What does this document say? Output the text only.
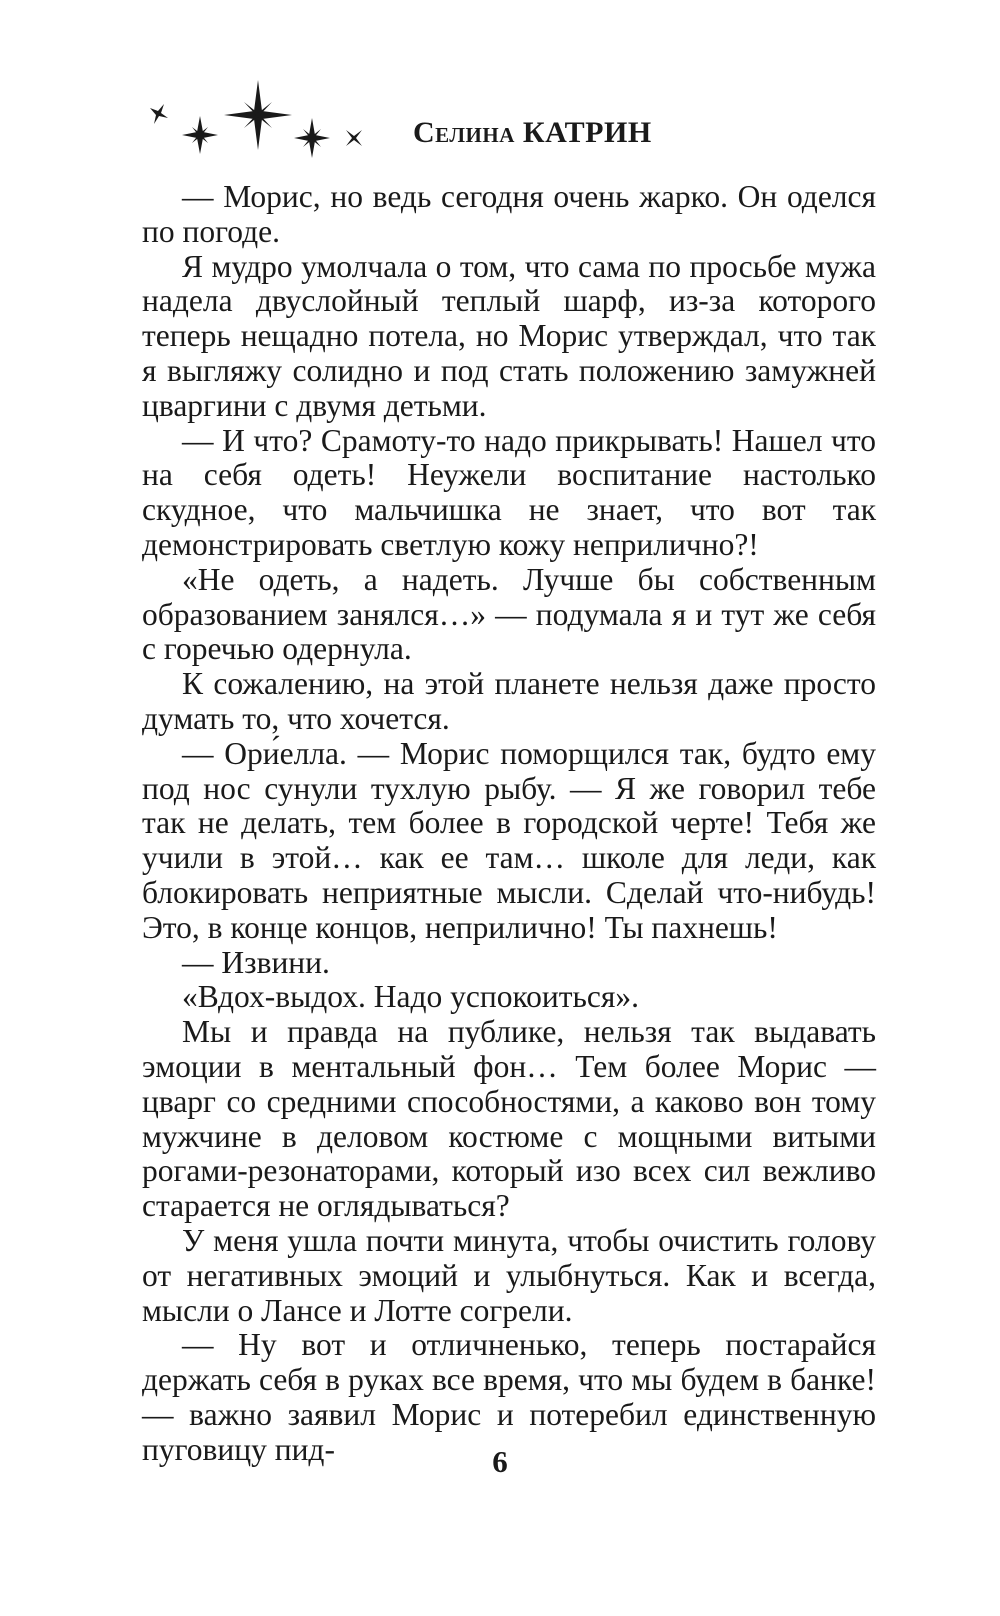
Селина КАТРИН

— Морис, но ведь сегодня очень жарко. Он оделся по погоде.

Я мудро умолчала о том, что сама по просьбе мужа надела двуслойный теплый шарф, из-за которого теперь нещадно потела, но Морис утверждал, что так я выгляжу солидно и под стать положению замужней цваргини с двумя детьми.

— И что? Срамоту-то надо прикрывать! Нашел что на себя одеть! Неужели воспитание настолько скудное, что мальчишка не знает, что вот так демонстрировать светлую кожу неприлично?!

«Не одеть, а надеть. Лучше бы собственным образованием занялся…» — подумала я и тут же себя с горечью одернула.

К сожалению, на этой планете нельзя даже просто думать то, что хочется.

— Ори́елла. — Морис поморщился так, будто ему под нос сунули тухлую рыбу. — Я же говорил тебе так не делать, тем более в городской черте! Тебя же учили в этой… как ее там… школе для леди, как блокировать неприятные мысли. Сделай что-нибудь! Это, в конце концов, неприлично! Ты пахнешь!

— Извини.

«Вдох-выдох. Надо успокоиться».

Мы и правда на публике, нельзя так выдавать эмоции в ментальный фон… Тем более Морис — цварг со средними способностями, а каково вон тому мужчине в деловом костюме с мощными витыми рогами-резонаторами, который изо всех сил вежливо старается не оглядываться?

У меня ушла почти минута, чтобы очистить голову от негативных эмоций и улыбнуться. Как и всегда, мысли о Лансе и Лотте согрели.

— Ну вот и отличненько, теперь постарайся держать себя в руках все время, что мы будем в банке! — важно заявил Морис и потеребил единственную пуговицу пид-	6
